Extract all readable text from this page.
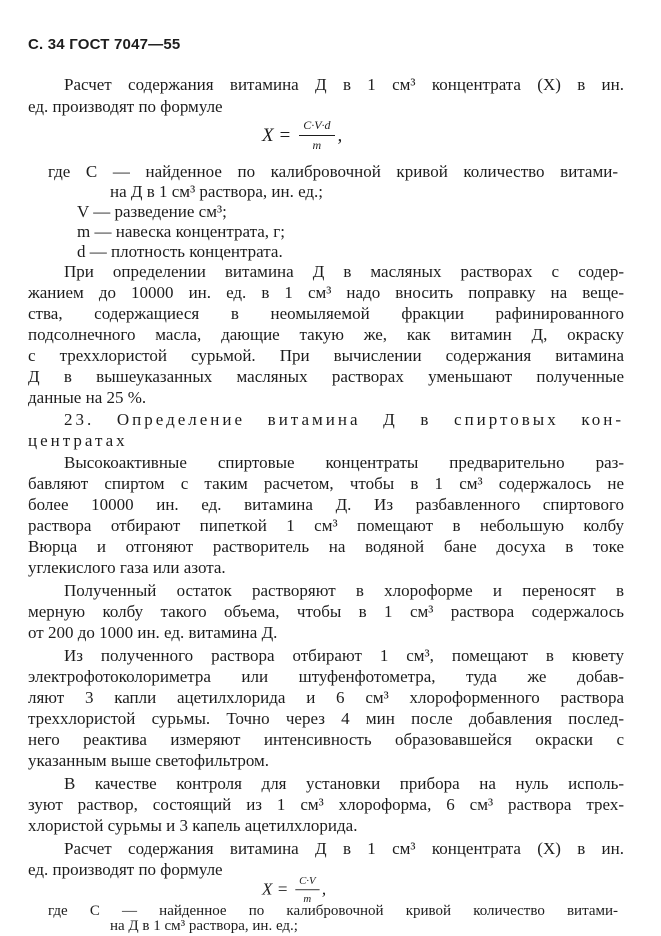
С. 34 ГОСТ 7047—55
Расчет содержания витамина Д в 1 см³ концентрата (X) в ин.
ед. производят по формуле
$X = \frac{C\cdot V\cdot d}{m}$ ,
где C — найденное по калибровочной кривой количество витами-
на Д в 1 см³ раствора, ин. ед.;
V — разведение см³;
m — навеска концентрата, г;
d — плотность концентрата.
При определении витамина Д в масляных растворах с содер-
жанием до 10000 ин. ед. в 1 см³ надо вносить поправку на веще-
ства, содержащиеся в неомыляемой фракции рафинированного
подсолнечного масла, дающие такую же, как витамин Д, окраску
с треххлористой сурьмой. При вычислении содержания витамина
Д в вышеуказанных масляных растворах уменьшают полученные
данные на 25 %.
23. Определение витамина Д в спиртовых кон-
центратах
Высокоактивные спиртовые концентраты предварительно раз-
бавляют спиртом с таким расчетом, чтобы в 1 см³ содержалось не
более 10000 ин. ед. витамина Д. Из разбавленного спиртового
раствора отбирают пипеткой 1 см³ помещают в небольшую колбу
Вюрца и отгоняют растворитель на водяной бане досуха в токе
углекислого газа или азота.
Полученный остаток растворяют в хлороформе и переносят в
мерную колбу такого объема, чтобы в 1 см³ раствора содержалось
от 200 до 1000 ин. ед. витамина Д.
Из полученного раствора отбирают 1 см³, помещают в кювету
электрофотоколориметра или штуфенфотометра, туда же добав-
ляют 3 капли ацетилхлорида и 6 см³ хлороформенного раствора
треххлористой сурьмы. Точно через 4 мин после добавления послед-
него реактива измеряют интенсивность образовавшейся окраски с
указанным выше светофильтром.
В качестве контроля для установки прибора на нуль исполь-
зуют раствор, состоящий из 1 см³ хлороформа, 6 см³ раствора трех-
хлористой сурьмы и 3 капель ацетилхлорида.
Расчет содержания витамина Д в 1 см³ концентрата (X) в ин.
ед. производят по формуле
$X = \frac{C\cdot V}{m}$ ,
где C — найденное по калибровочной кривой количество витами-
на Д в 1 см³ раствора, ин. ед.;
